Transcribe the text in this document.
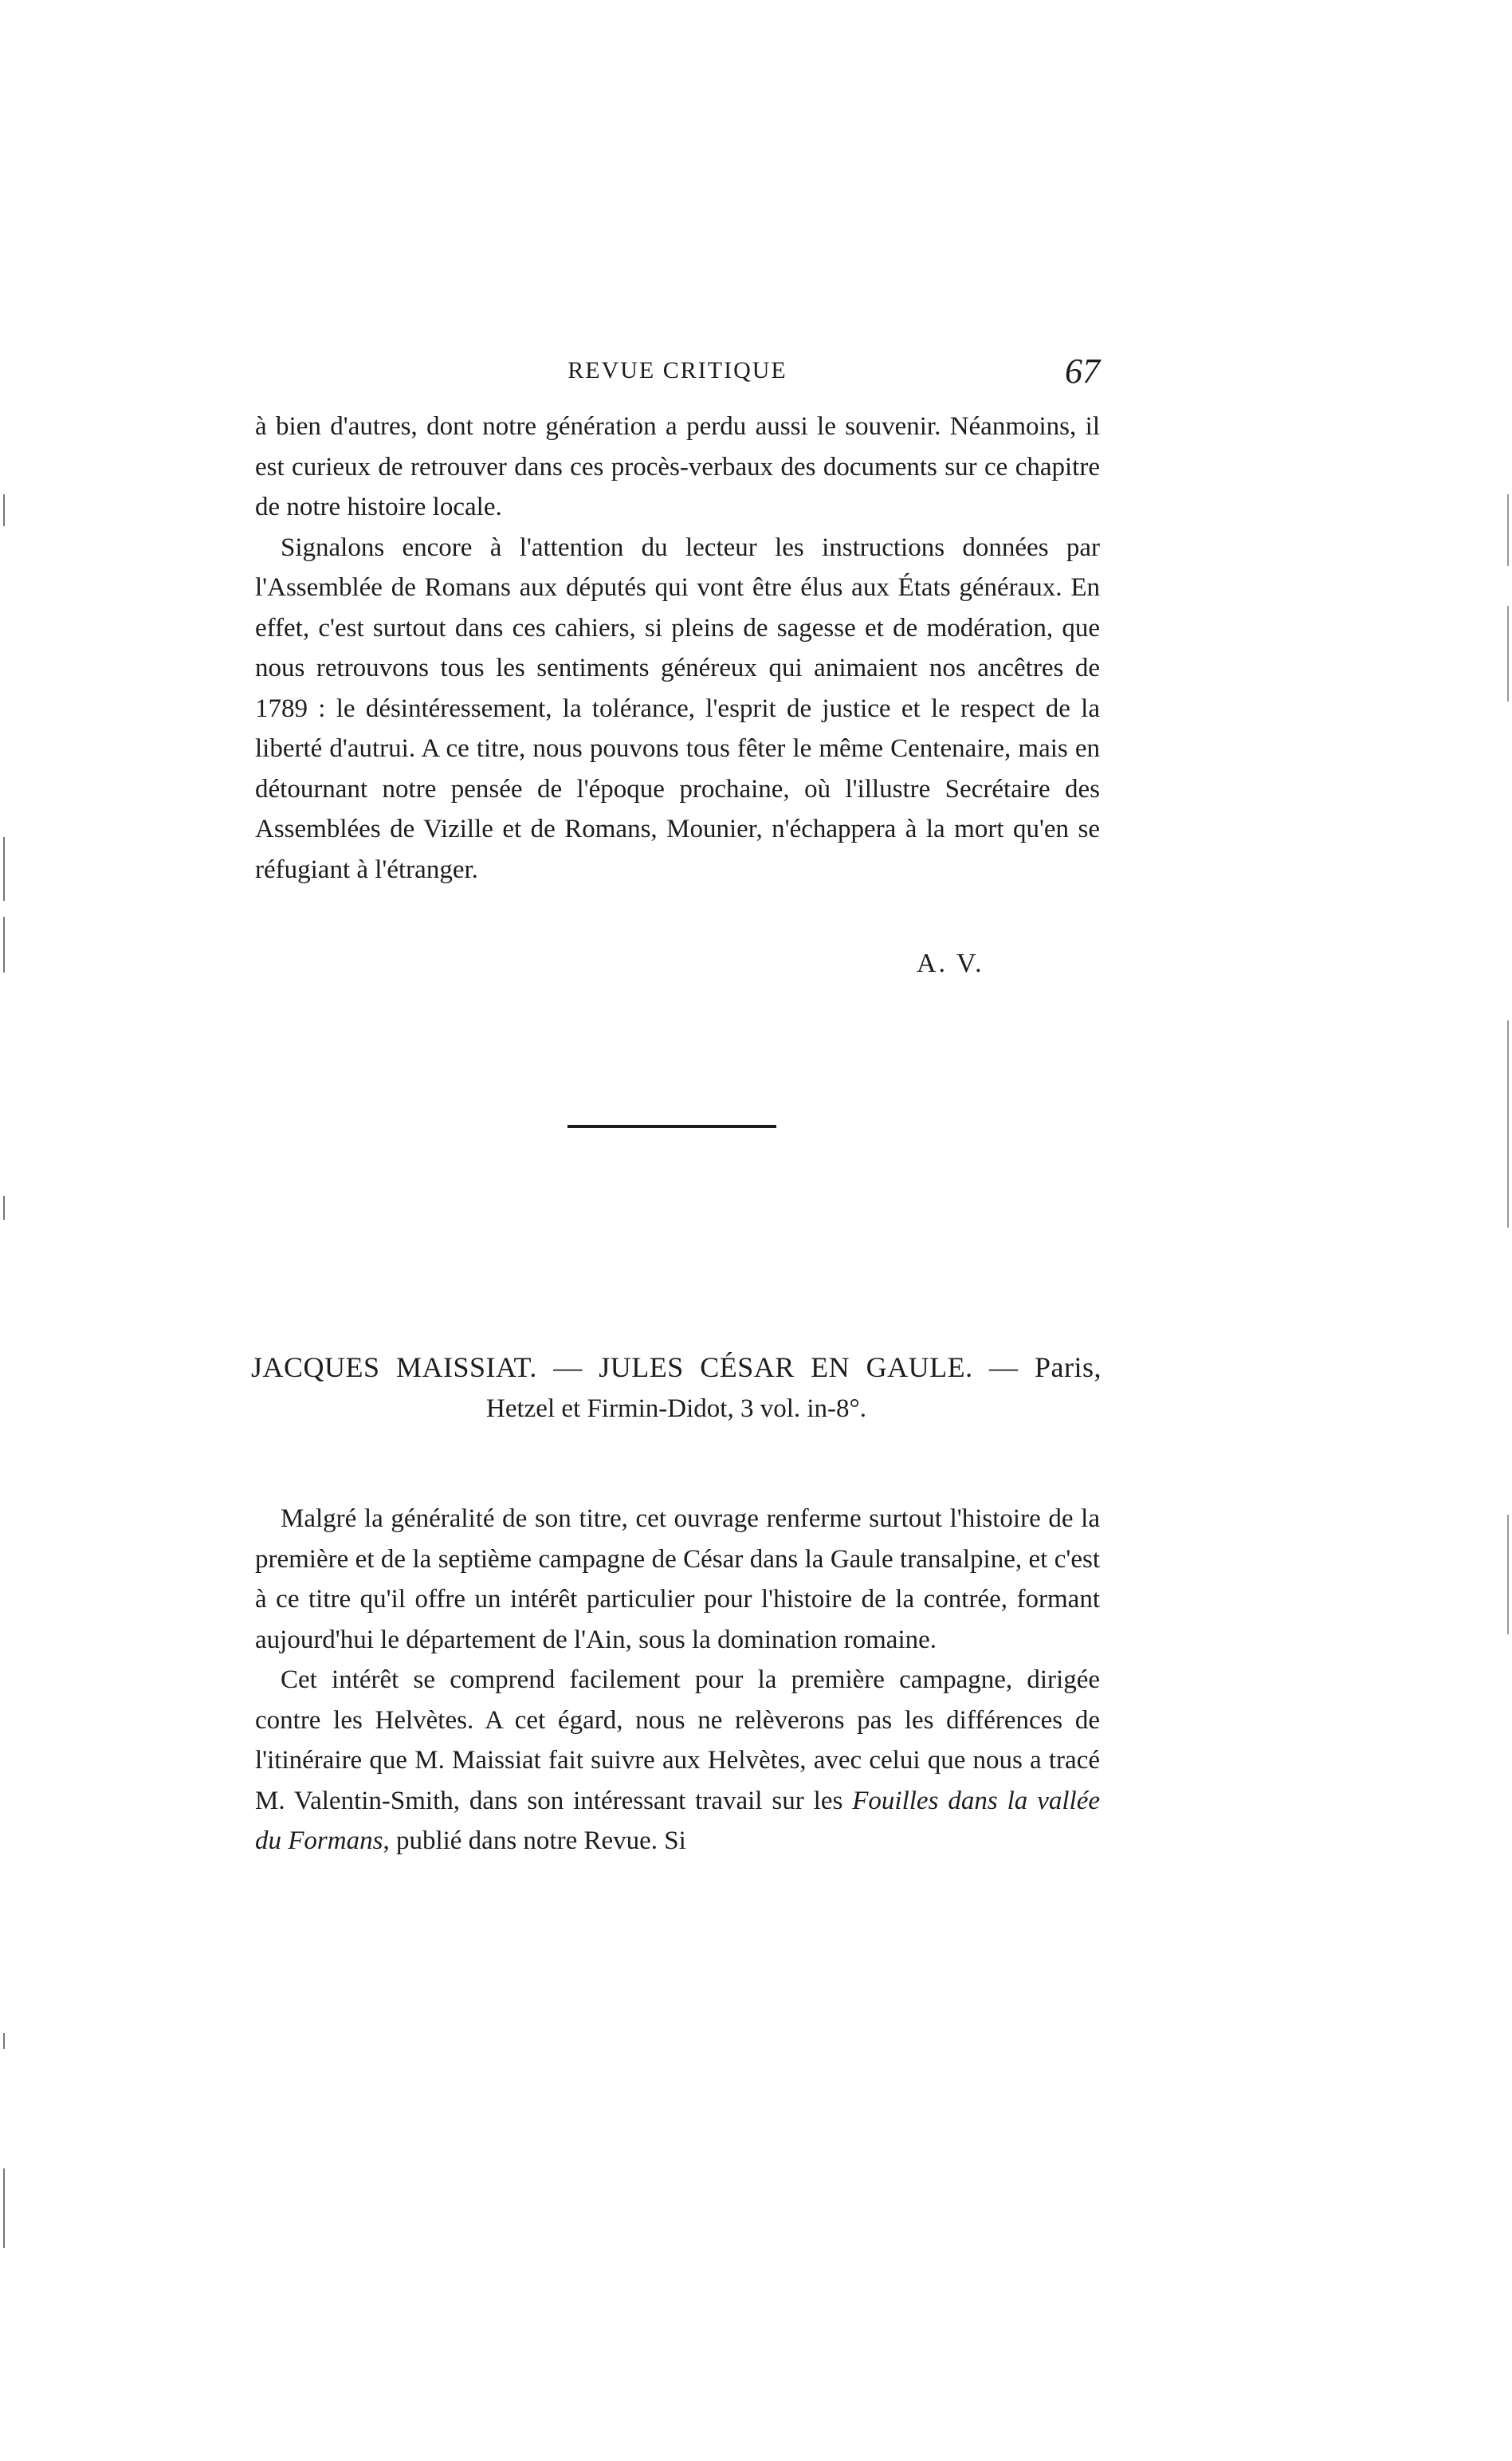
REVUE CRITIQUE	67

à bien d'autres, dont notre génération a perdu aussi le souvenir. Néanmoins, il est curieux de retrouver dans ces procès-verbaux des documents sur ce chapitre de notre histoire locale.

Signalons encore à l'attention du lecteur les instructions données par l'Assemblée de Romans aux députés qui vont être élus aux États généraux. En effet, c'est surtout dans ces cahiers, si pleins de sagesse et de modération, que nous retrouvons tous les sentiments généreux qui animaient nos ancêtres de 1789 : le désintéressement, la tolérance, l'esprit de justice et le respect de la liberté d'autrui. A ce titre, nous pouvons tous fêter le même Centenaire, mais en détournant notre pensée de l'époque prochaine, où l'illustre Secrétaire des Assemblées de Vizille et de Romans, Mounier, n'échappera à la mort qu'en se réfugiant à l'étranger.

A. V.
JACQUES MAISSIAT. — JULES CÉSAR EN GAULE. — Paris,
Hetzel et Firmin-Didot, 3 vol. in-8°.

Malgré la généralité de son titre, cet ouvrage renferme surtout l'histoire de la première et de la septième campagne de César dans la Gaule transalpine, et c'est à ce titre qu'il offre un intérêt particulier pour l'histoire de la contrée, formant aujourd'hui le département de l'Ain, sous la domination romaine.

Cet intérêt se comprend facilement pour la première campagne, dirigée contre les Helvètes. A cet égard, nous ne relèverons pas les différences de l'itinéraire que M. Maissiat fait suivre aux Helvètes, avec celui que nous a tracé M. Valentin-Smith, dans son intéressant travail sur les Fouilles dans la vallée du Formans, publié dans notre Revue. Si
